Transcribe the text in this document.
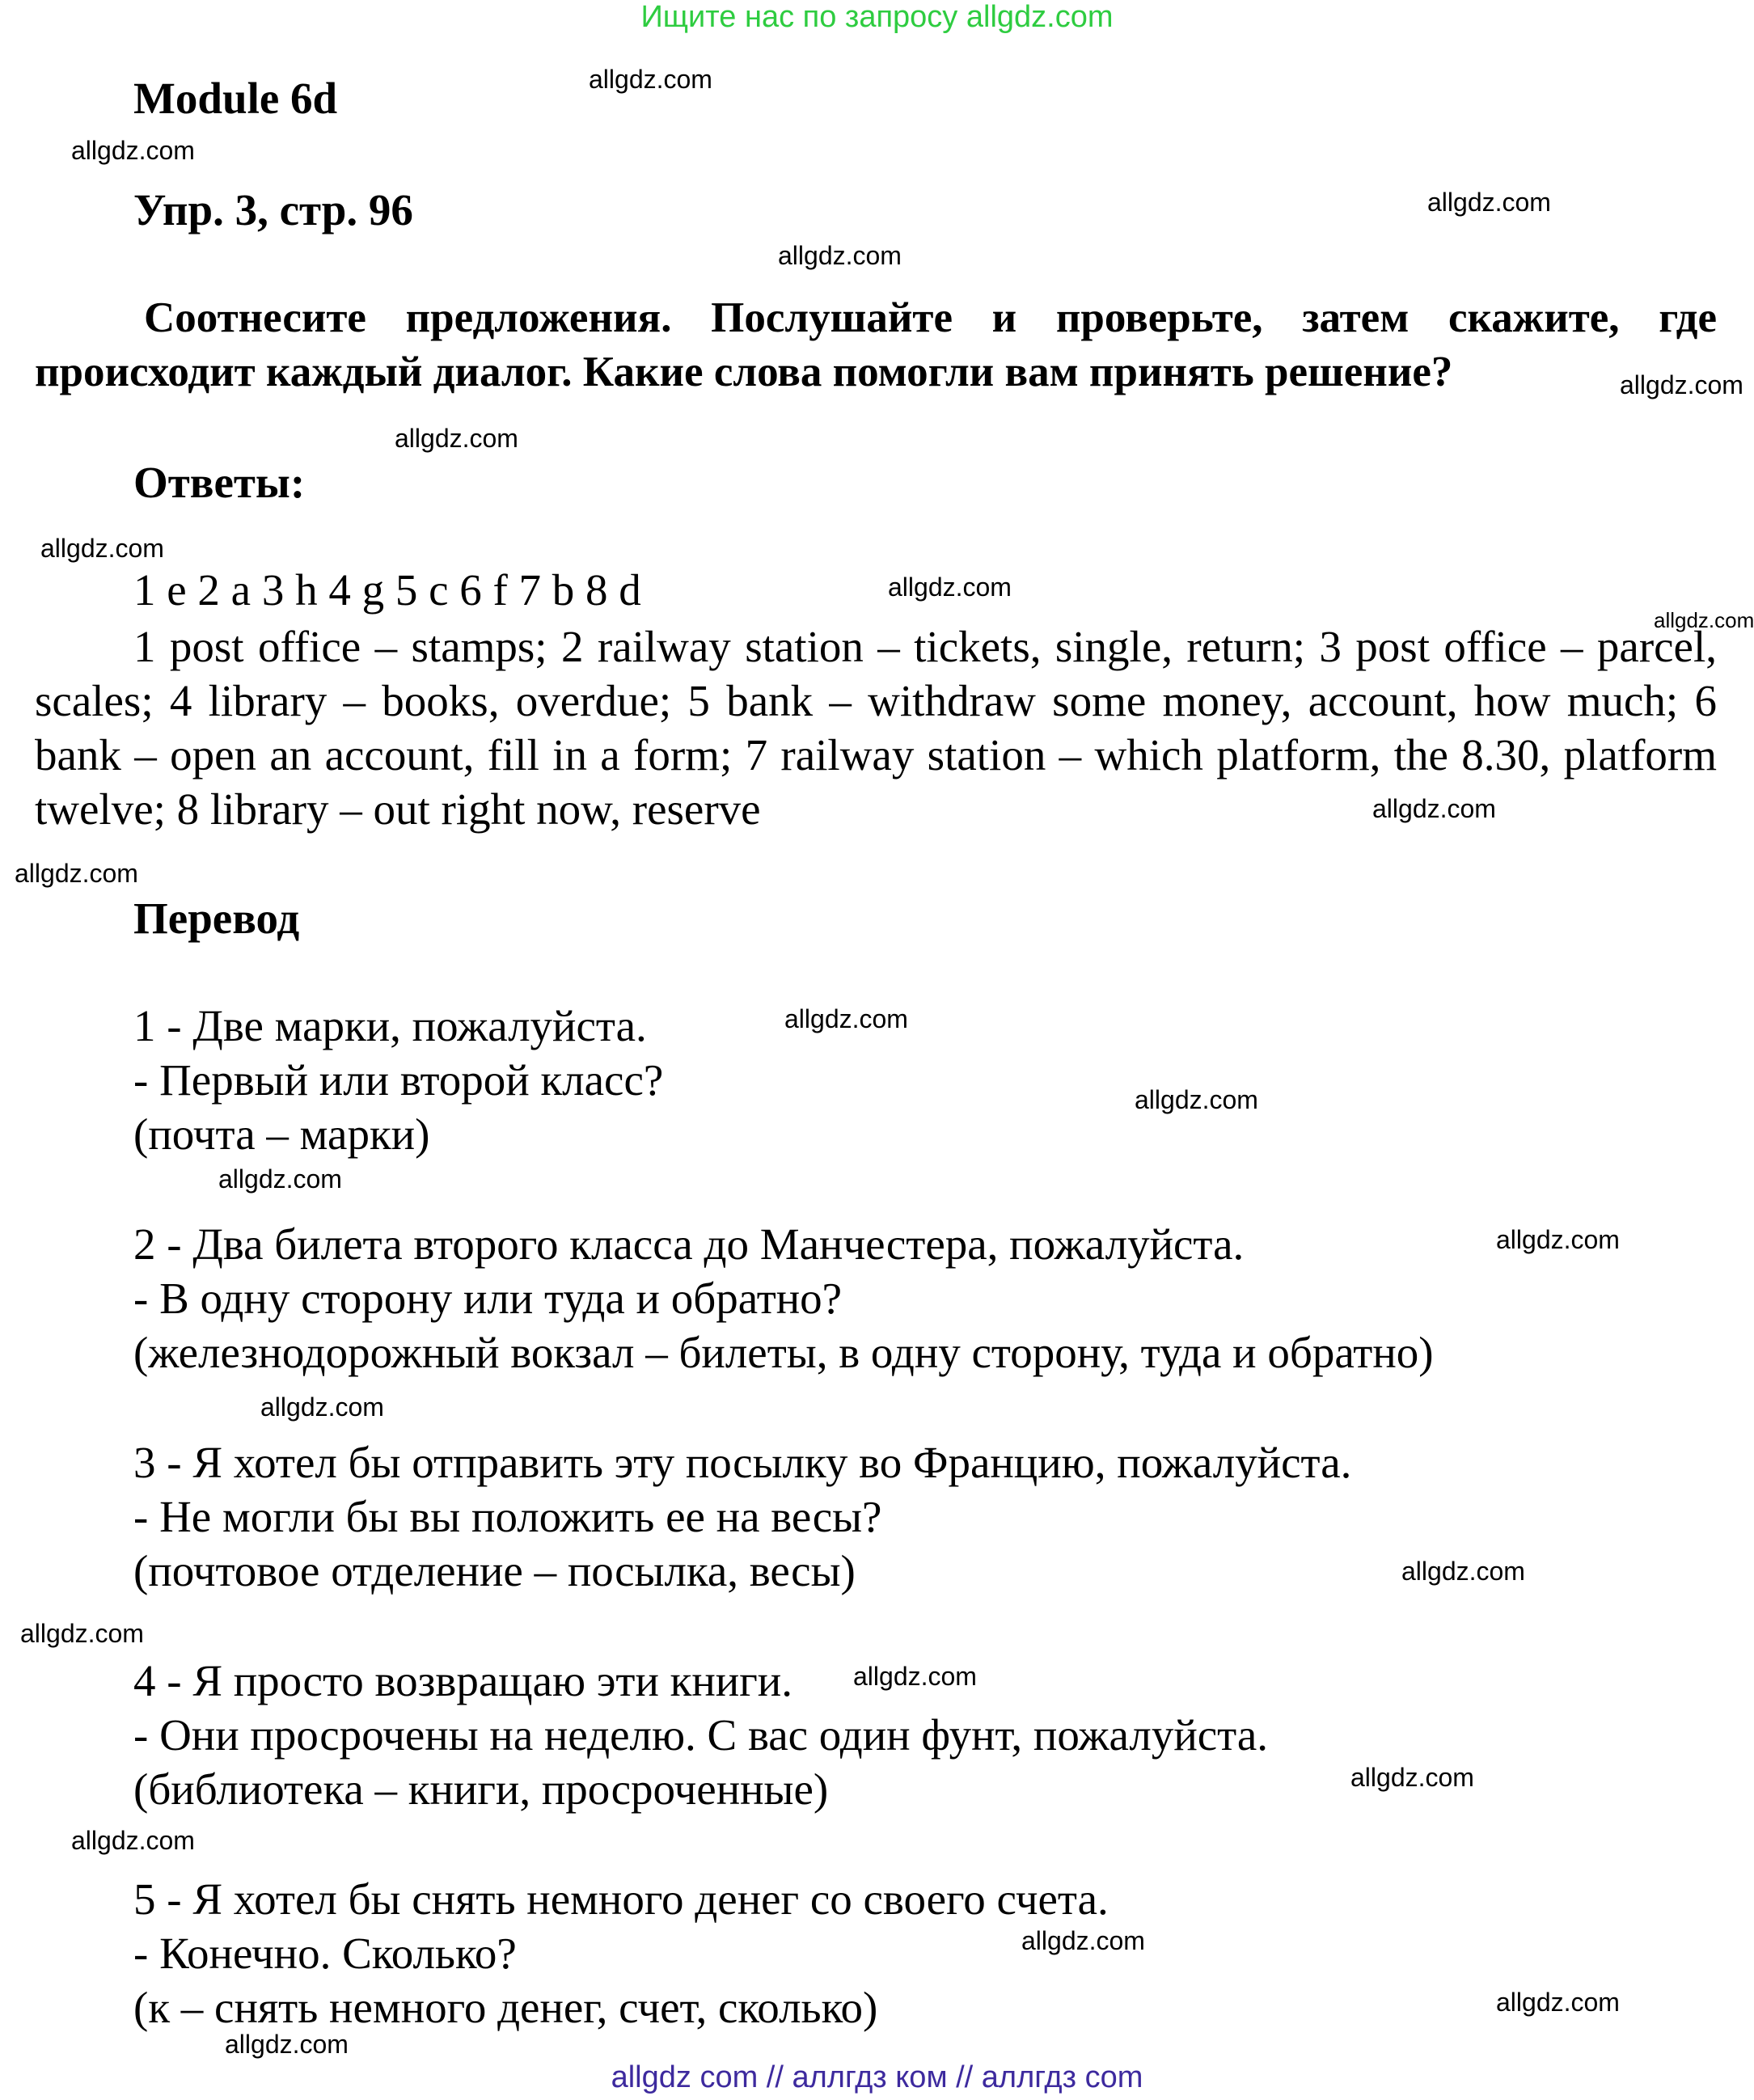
Ищите нас по запросу allgdz.com
Module 6d
Упр. 3, стр. 96
Соотнесите предложения. Послушайте и проверьте, затем скажите, где происходит каждый диалог. Какие слова помогли вам принять решение?
Ответы:
1 e 2 a 3 h 4 g 5 c 6 f 7 b 8 d
1 post office – stamps; 2 railway station – tickets, single, return; 3 post office – parcel, scales; 4 library – books, overdue; 5 bank – withdraw some money, account, how much; 6 bank – open an account, fill in a form; 7 railway station – which platform, the 8.30, platform twelve; 8 library – out right now, reserve
Перевод
1 - Две марки, пожалуйста.
- Первый или второй класс?
(почта – марки)
2 - Два билета второго класса до Манчестера, пожалуйста.
- В одну сторону или туда и обратно?
(железнодорожный вокзал – билеты, в одну сторону, туда и обратно)
3 - Я хотел бы отправить эту посылку во Францию, пожалуйста.
- Не могли бы вы положить ее на весы?
(почтовое отделение – посылка, весы)
4 - Я просто возвращаю эти книги.
- Они просрочены на неделю. С вас один фунт, пожалуйста.
(библиотека – книги, просроченные)
5 - Я хотел бы снять немного денег со своего счета.
- Конечно. Сколько?
(к – снять немного денег, счет, сколько)
allgdz.com
allgdz.com
allgdz.com
allgdz.com
allgdz.com
allgdz.com
allgdz.com
allgdz.com
allgdz.com
allgdz.com
allgdz.com
allgdz.com
allgdz.com
allgdz.com
allgdz.com
allgdz.com
allgdz.com
allgdz.com
allgdz.com
allgdz.com
allgdz.com
allgdz.com
allgdz.com
allgdz.com
allgdz com // аллгдз ком // аллгдз com
